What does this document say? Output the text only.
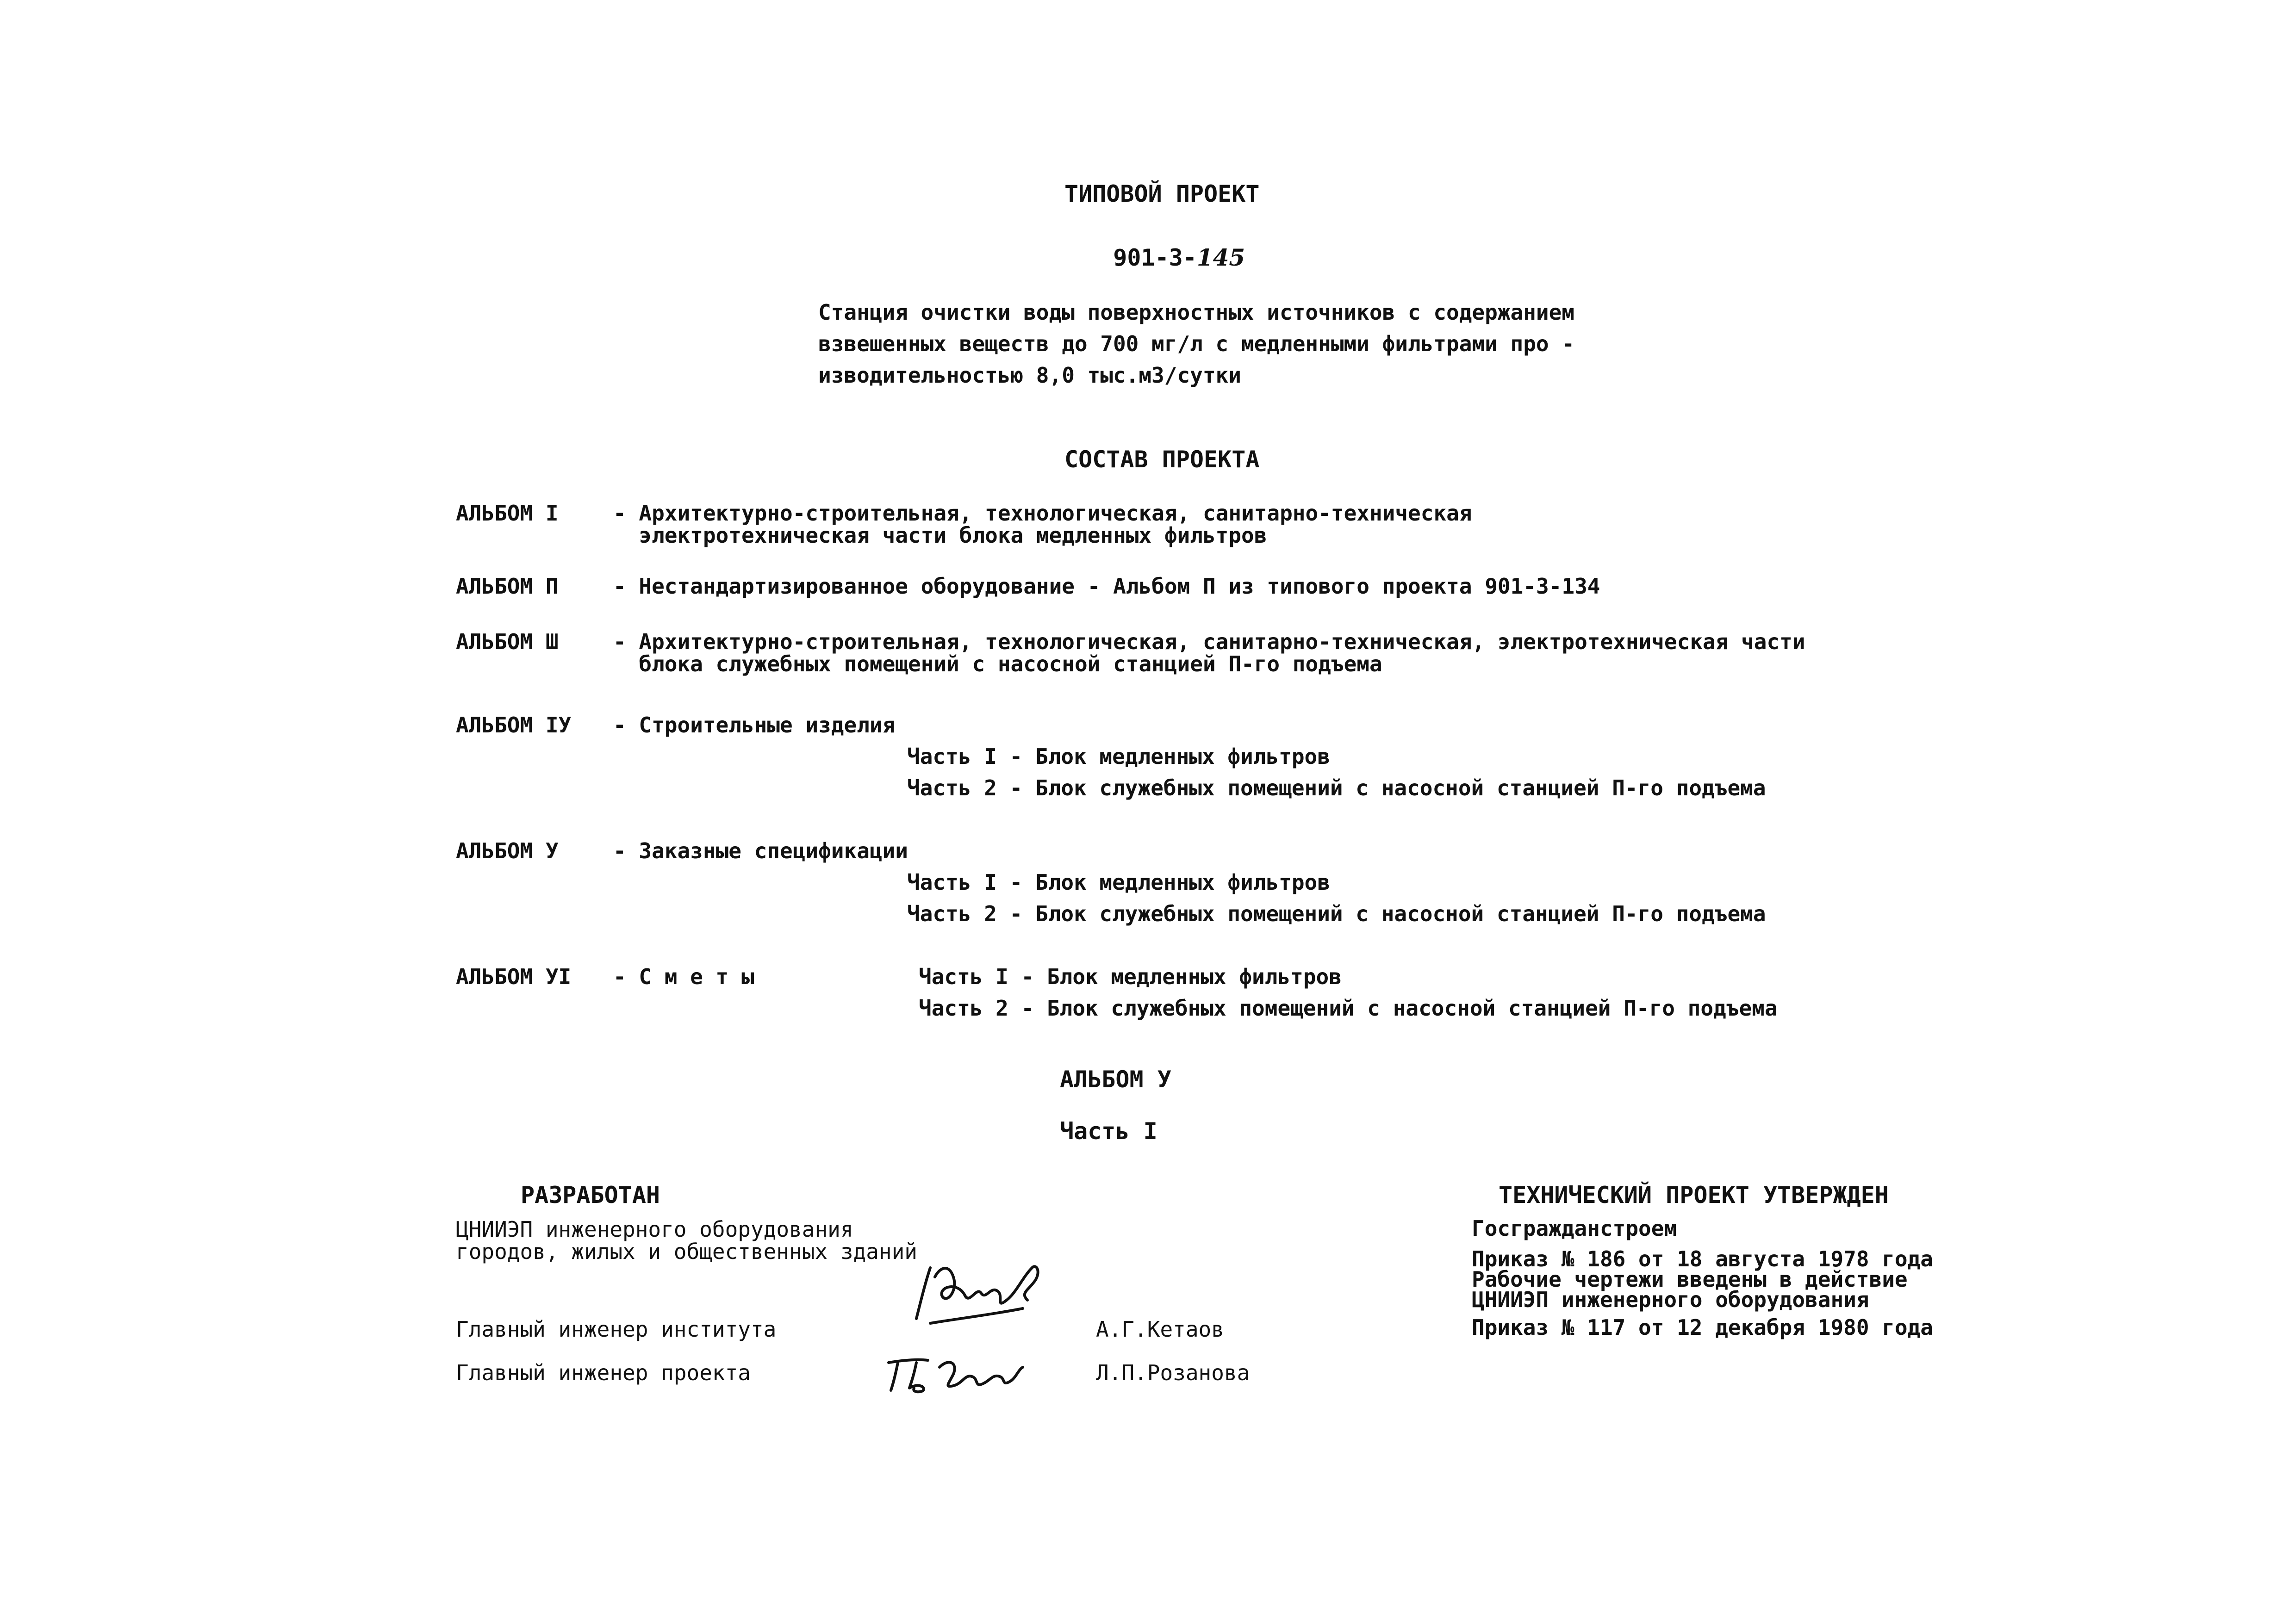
ТИПОВОЙ ПРОЕКТ

901-3-145

Станция очистки воды поверхностных источников с содержанием
взвешенных веществ до 700 мг/л с медленными фильтрами про -
изводительностью 8,0 тыс.м3/сутки
СОСТАВ ПРОЕКТА
АЛЬБОМ I	- Архитектурно-строительная, технологическая, санитарно-техническая
электротехническая части блока медленных фильтров
АЛЬБОМ П	- Нестандартизированное оборудование - Альбом П из типового проекта 901-3-134
АЛЬБОМ Ш	- Архитектурно-строительная, технологическая, санитарно-техническая, электротехническая части
блока служебных помещений с насосной станцией П-го подъема
АЛЬБОМ IУ - Строительные изделия
Часть I - Блок медленных фильтров
Часть 2 - Блок служебных помещений с насосной станцией П-го подъема
АЛЬБОМ У	- Заказные спецификации
Часть I - Блок медленных фильтров
Часть 2 - Блок служебных помещений с насосной станцией П-го подъема
АЛЬБОМ УI - С м е т ы	Часть I - Блок медленных фильтров
Часть 2 - Блок служебных помещений с насосной станцией П-го подъема
АЛЬБОМ У
Часть I
РАЗРАБОТАН
ЦНИИЭП инженерного оборудования
городов, жилых и общественных зданий
Главный инженер института	А.Г.Кетаов
Главный инженер проекта	Л.П.Розанова
ТЕХНИЧЕСКИЙ ПРОЕКТ УТВЕРЖДЕН
Госгражданстроем
Приказ № 186 от 18 августа 1978 года
Рабочие чертежи введены в действие
ЦНИИЭП инженерного оборудования
Приказ № 117 от 12 декабря 1980 года
